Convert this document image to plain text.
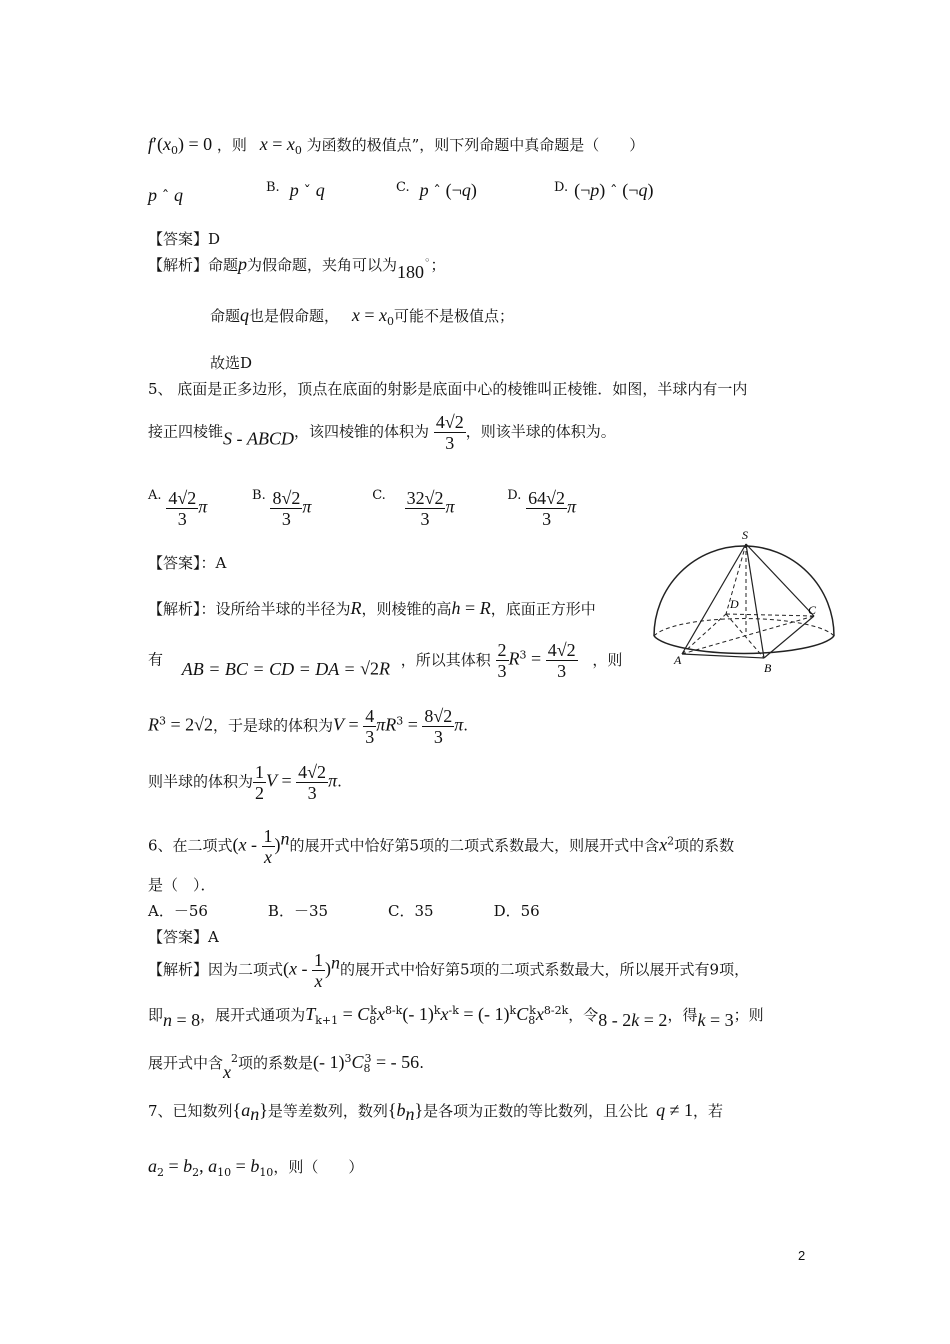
$f'(x_0) = 0$ ，则 $x = x_0$ 为函数的极值点”，则下列命题中真命题是（　　）
p ˆ q	B. p ˇ q	C. p ˆ (¬q)	D. (¬p) ˆ (¬q)
【答案】D
【解析】命题p为假命题，夹角可以为180◦；
命题q也是假命题， $x = x_0$可能不是极值点；
故选D
5、 底面是正多边形，顶点在底面的射影是底面中心的棱锥叫正棱锥．如图，半球内有一内
接正四棱锥S - ABCD，该四棱锥的体积为 $\frac{4√2}{3}$ ，则该半球的体积为。
A. $\frac{4√2}{3}$ π B. $\frac{8√2}{3}$ π C. $\frac{32√2}{3}$ π D. $\frac{64√2}{3}$ π
【答案】：A
【解析】：设所给半球的半径为R，则棱锥的高h = R，底面正方形中
有 AB = BC = CD = DA = √2R ，所以其体积 $\frac{2}{3} R^3 = \frac{4√2}{3}$ ，则
$R^3 = 2√2$，于是球的体积为$V = \frac{4}{3} \pi R^3 = \frac{8√2}{3} \pi$.
则半球的体积为 $\frac{1}{2}$ $V = \frac{4√2}{3} \pi$.
S
D	C
A
B
6、在二项式$(x - \frac{1}{x} )^n$的展开式中恰好第5项的二项式系数最大，则展开式中含$x^2$项的系数
是（　）．
A．－56　　　　B．－35　　　　C．35　　　　D．56
【答案】A
【解析】因为二项式$(x - \frac{1}{x} )^n$的展开式中恰好第5项的二项式系数最大，所以展开式有9项，
即n = 8，展开式通项为$T_{k+1} = C_8^kx^{8-k}(-$ $1)^kx^{-k}$ = (- $1)^kC_8^kx^{8-2k}$，令8 - 2k = 2，得k = 3；则
展开式中含$x^2$项的系数是(- $1)^3C_8^3$ = - 56.
7、已知数列$\{a_n\}$是等差数列，数列$\{b_n\}$是各项为正数的等比数列，且公比 q ≠ 1，若
$a_2 = b_2$, $a_{10} = b_{10}$，则（　　）
2
